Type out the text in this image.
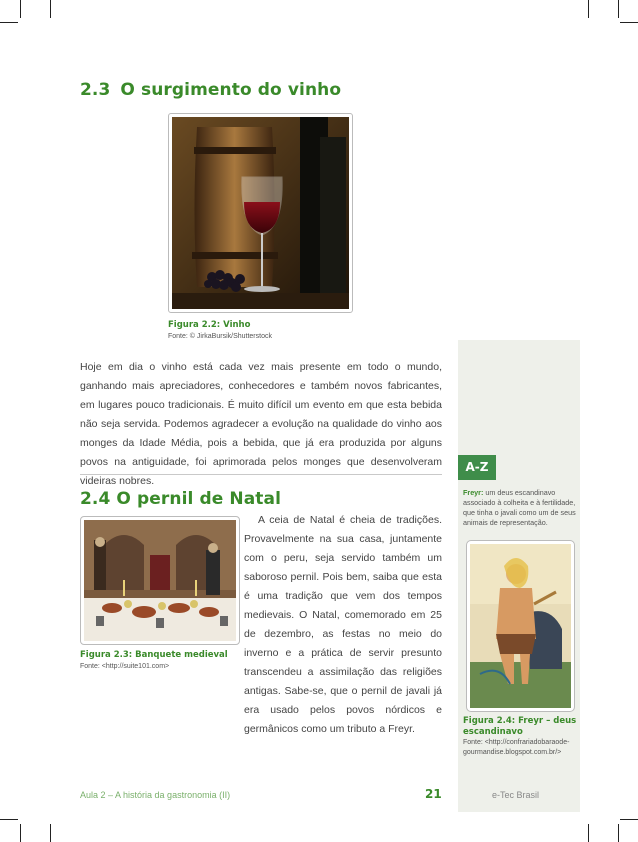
2.3 O surgimento do vinho
Figura 2.2: Vinho
Fonte: © JirkaBursik/Shutterstock

Hoje em dia o vinho está cada vez mais presente em todo o mundo, ganhando mais apreciadores, conhecedores e também novos fabricantes, em lugares pouco tradicionais. É muito difícil um evento em que esta bebida não seja servida. Podemos agradecer a evolução na qualidade do vinho aos monges da Idade Média, pois a bebida, que já era produzida por alguns povos na antiguidade, foi aprimorada pelos monges que desenvolveram videiras nobres.

2.4 O pernil de Natal
Figura 2.3: Banquete medieval
Fonte: <http://suite101.com>

A ceia de Natal é cheia de tradições. Provavelmente na sua casa, juntamente com o peru, seja servido também um saboroso pernil. Pois bem, saiba que esta é uma tradição que vem dos tempos medievais. O Natal, comemorado em 25 de dezembro, as festas no meio do inverno e a prática de servir presunto transcendeu a assimilação das religiões antigas. Sabe-se, que o pernil de javali já era usado pelos povos nórdicos e germânicos como um tributo a Freyr.

A-Z

Freyr: um deus escandinavo associado à colheita e à fertilidade, que tinha o javali como um de seus animais de representação.

Figura 2.4: Freyr – deus escandinavo
Fonte: <http://confrariadobaraode-gourmandise.blogspot.com.br/>
Aula 2 – A história da gastronomia (II)	21	e-Tec Brasil
